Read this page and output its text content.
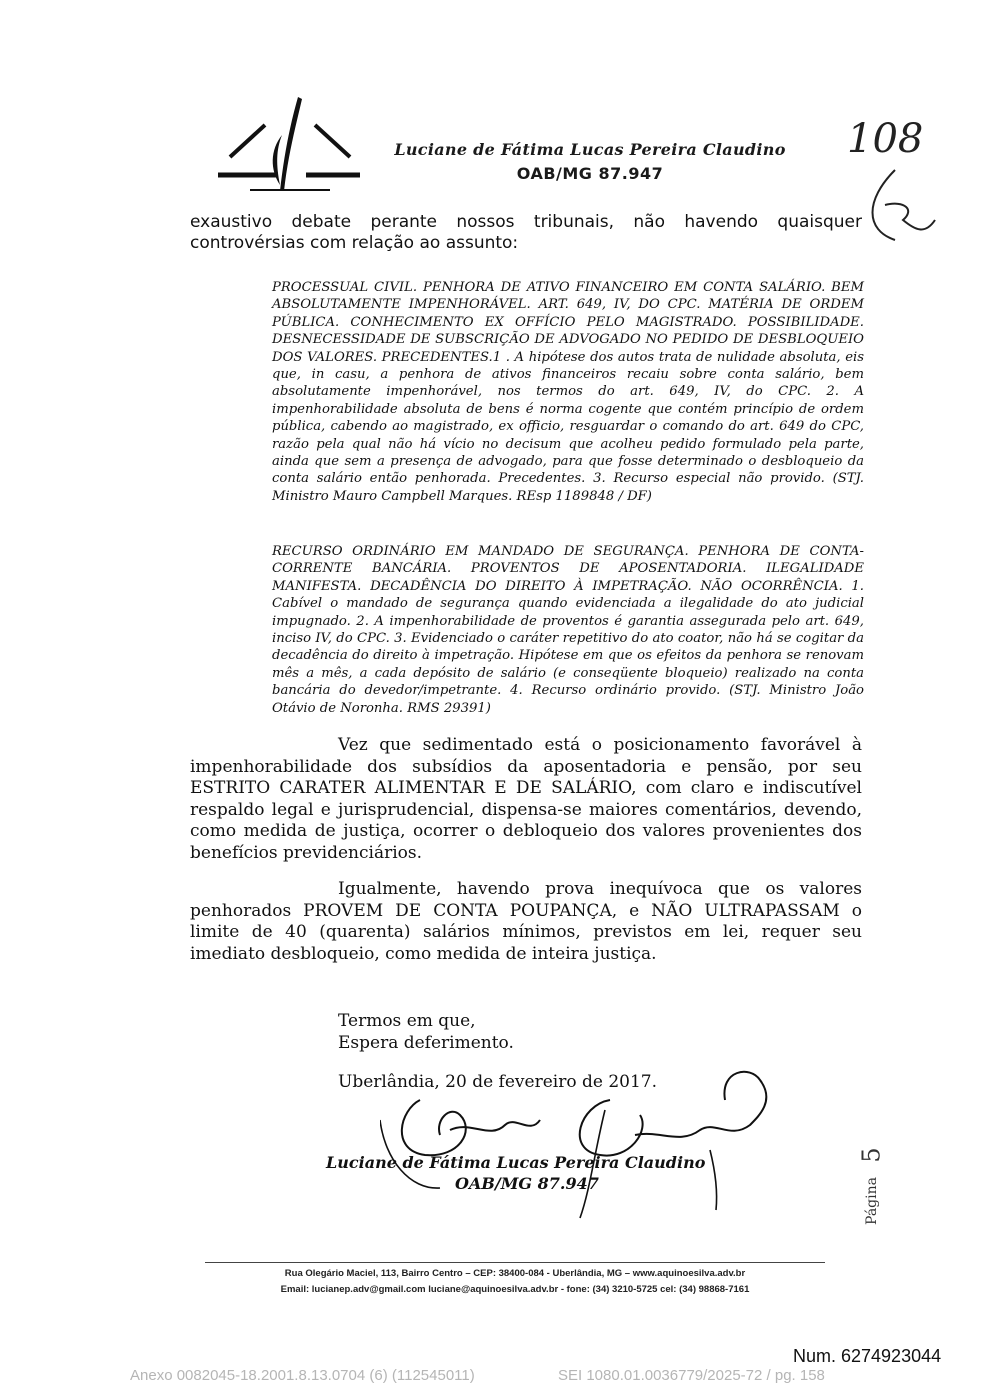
Luciane de Fátima Lucas Pereira Claudino
OAB/MG 87.947
108
exaustivo debate perante nossos tribunais, não havendo quaisquer controvérsias com relação ao assunto:
PROCESSUAL CIVIL. PENHORA DE ATIVO FINANCEIRO EM CONTA SALÁRIO. BEM ABSOLUTAMENTE IMPENHORÁVEL. ART. 649, IV, DO CPC. MATÉRIA DE ORDEM PÚBLICA. CONHECIMENTO EX OFFÍCIO PELO MAGISTRADO. POSSIBILIDADE. DESNECESSIDADE DE SUBSCRIÇÃO DE ADVOGADO NO PEDIDO DE DESBLOQUEIO DOS VALORES. PRECEDENTES.1 . A hipótese dos autos trata de nulidade absoluta, eis que, in casu, a penhora de ativos financeiros recaiu sobre conta salário, bem absolutamente impenhorável, nos termos do art. 649, IV, do CPC. 2. A impenhorabilidade absoluta de bens é norma cogente que contém princípio de ordem pública, cabendo ao magistrado, ex officio, resguardar o comando do art. 649 do CPC, razão pela qual não há vício no decisum que acolheu pedido formulado pela parte, ainda que sem a presença de advogado, para que fosse determinado o desbloqueio da conta salário então penhorada. Precedentes. 3. Recurso especial não provido. (STJ. Ministro Mauro Campbell Marques. REsp 1189848 / DF)
RECURSO ORDINÁRIO EM MANDADO DE SEGURANÇA. PENHORA DE CONTA-CORRENTE BANCÁRIA. PROVENTOS DE APOSENTADORIA. ILEGALIDADE MANIFESTA. DECADÊNCIA DO DIREITO À IMPETRAÇÃO. NÃO OCORRÊNCIA. 1. Cabível o mandado de segurança quando evidenciada a ilegalidade do ato judicial impugnado. 2. A impenhorabilidade de proventos é garantia assegurada pelo art. 649, inciso IV, do CPC. 3. Evidenciado o caráter repetitivo do ato coator, não há se cogitar da decadência do direito à impetração. Hipótese em que os efeitos da penhora se renovam mês a mês, a cada depósito de salário (e conseqüente bloqueio) realizado na conta bancária do devedor/impetrante. 4. Recurso ordinário provido. (STJ. Ministro João Otávio de Noronha. RMS 29391)
Vez que sedimentado está o posicionamento favorável à impenhorabilidade dos subsídios da aposentadoria e pensão, por seu ESTRITO CARATER ALIMENTAR E DE SALÁRIO, com claro e indiscutível respaldo legal e jurisprudencial, dispensa-se maiores comentários, devendo, como medida de justiça, ocorrer o debloqueio dos valores provenientes dos benefícios previdenciários.
Igualmente, havendo prova inequívoca que os valores penhorados PROVEM DE CONTA POUPANÇA, e NÃO ULTRAPASSAM o limite de 40 (quarenta) salários mínimos, previstos em lei, requer seu imediato desbloqueio, como medida de inteira justiça.
Termos em que,
Espera deferimento.
Uberlândia, 20 de fevereiro de 2017.
Luciane de Fátima Lucas Pereira Claudino
OAB/MG 87.947
5
Página
Rua Olegário Maciel, 113, Bairro Centro – CEP: 38400-084 - Uberlândia, MG – www.aquinoesilva.adv.br
Email: lucianep.adv@gmail.com luciane@aquinoesilva.adv.br - fone: (34) 3210-5725 cel: (34) 98868-7161
Num. 6274923044
Anexo 0082045-18.2001.8.13.0704 (6) (112545011)	SEI 1080.01.0036779/2025-72 / pg. 158
